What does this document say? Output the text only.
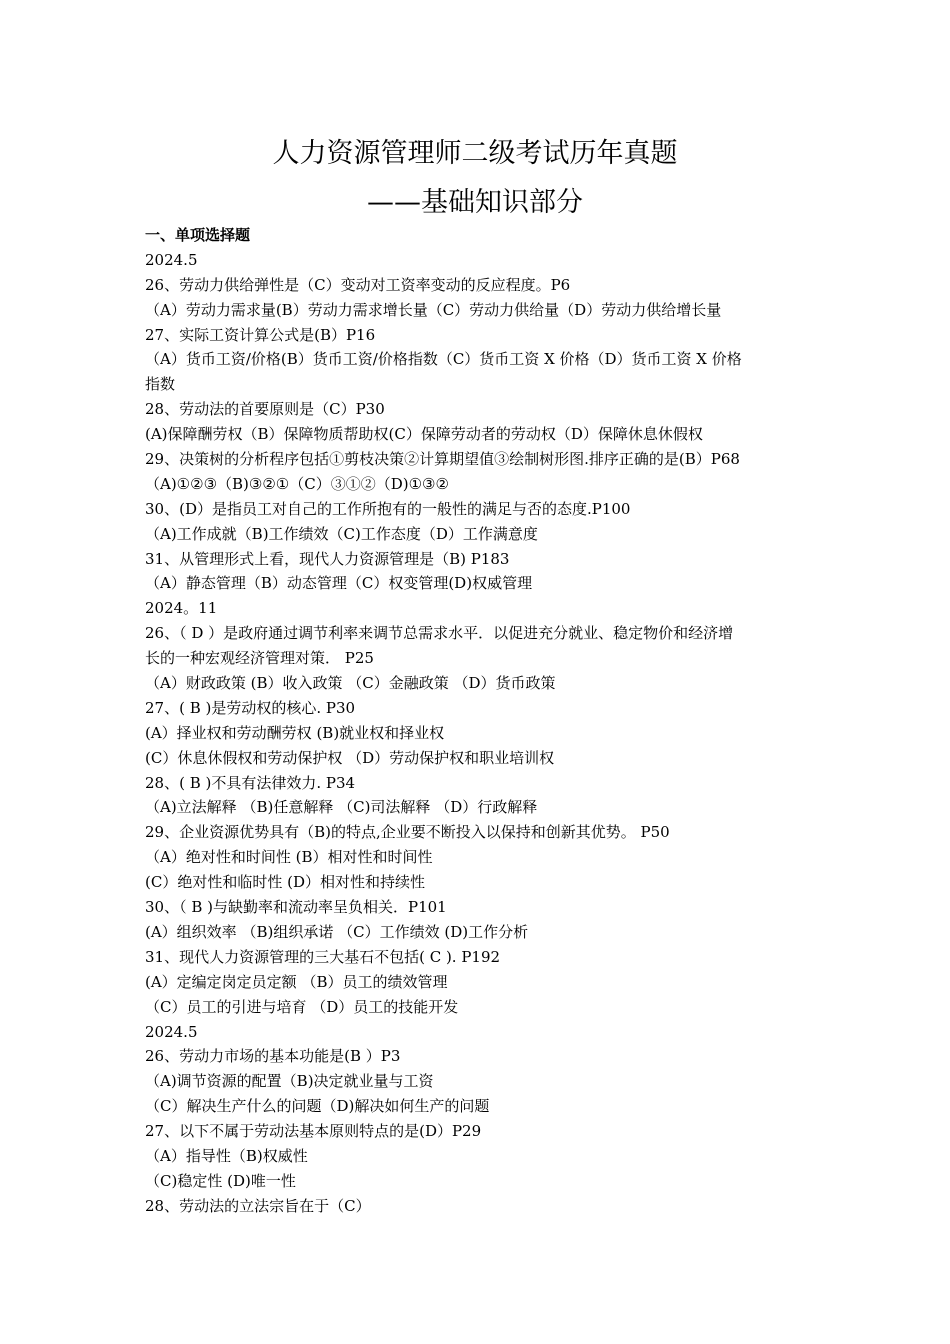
人力资源管理师二级考试历年真题
——基础知识部分
一、单项选择题
2024.5
26、劳动力供给弹性是（C）变动对工资率变动的反应程度。P6
（A）劳动力需求量(B）劳动力需求增长量（C）劳动力供给量（D）劳动力供给增长量
27、实际工资计算公式是(B）P16
（A）货币工资/价格(B）货币工资/价格指数（C）货币工资 X 价格（D）货币工资 X 价格
指数
28、劳动法的首要原则是（C）P30
(A)保障酬劳权（B）保障物质帮助权(C）保障劳动者的劳动权（D）保障休息休假权
29、决策树的分析程序包括①剪枝决策②计算期望值③绘制树形图.排序正确的是(B）P68
（A)①②③（B)③②①（C）③①②（D)①③②
30、(D）是指员工对自己的工作所抱有的一般性的满足与否的态度.P100
（A)工作成就（B)工作绩效（C)工作态度（D）工作满意度
31、从管理形式上看，现代人力资源管理是（B) P183
（A）静态管理（B）动态管理（C）权变管理(D)权威管理
2024。11
26、（ D ）是政府通过调节利率来调节总需求水平．以促进充分就业、稳定物价和经济增
长的一种宏观经济管理对策． P25
（A）财政政策 (B）收入政策 （C）金融政策 （D）货币政策
27、( B )是劳动权的核心. P30
(A）择业权和劳动酬劳权 (B)就业权和择业权
(C）休息休假权和劳动保护权 （D）劳动保护权和职业培训权
28、( B )不具有法律效力. P34
（A)立法解释 （B)任意解释 （C)司法解释 （D）行政解释
29、企业资源优势具有（B)的特点,企业要不断投入以保持和创新其优势。 P50
（A）绝对性和时间性 (B）相对性和时间性
(C）绝对性和临时性 (D）相对性和持续性
30、（ B )与缺勤率和流动率呈负相关．P101
(A）组织效率 （B)组织承诺 （C）工作绩效 (D)工作分析
31、现代人力资源管理的三大基石不包括( C ). P192
(A）定编定岗定员定额 （B）员工的绩效管理
（C）员工的引进与培育 （D）员工的技能开发
2024.5
26、劳动力市场的基本功能是(B ）P3
（A)调节资源的配置（B)决定就业量与工资
（C）解决生产什么的问题（D)解决如何生产的问题
27、以下不属于劳动法基本原则特点的是(D）P29
（A）指导性（B)权威性
（C)稳定性 (D)唯一性
28、劳动法的立法宗旨在于（C）
